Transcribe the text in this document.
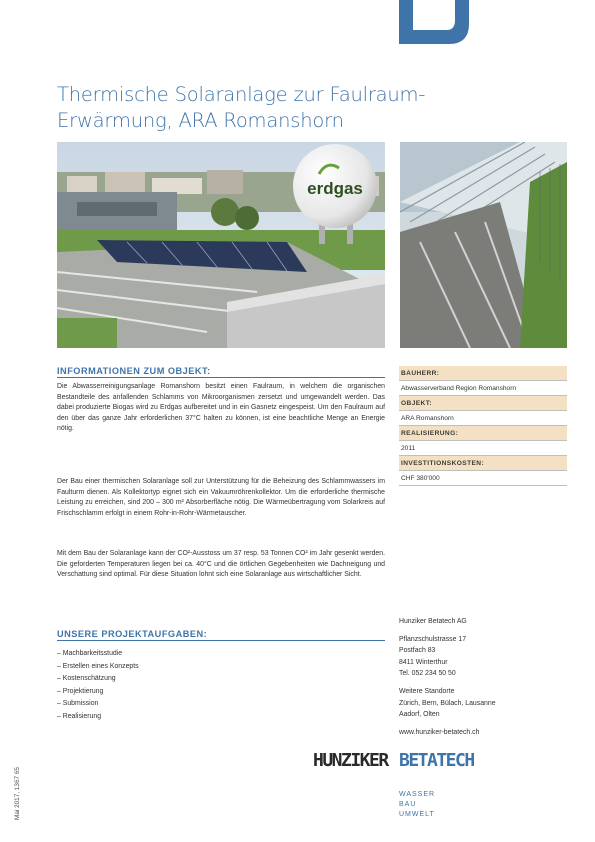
Thermische Solaranlage zur Faulraum-
Erwärmung, ARA Romanshorn
erdgas
INFORMATIONEN ZUM OBJEKT:

Die Abwasserreinigungsanlage Romanshorn besitzt einen Faulraum, in welchem die organischen Bestandteile des anfallenden Schlamms von Mikroorganismen zersetzt und umgewandelt werden. Das dabei produzierte Biogas wird zu Erdgas aufbereitet und in ein Gasnetz eingespeist. Um den Faulraum auf den über das ganze Jahr erforderlichen 37°C halten zu können, ist eine beachtliche Menge an Energie nötig.

Der Bau einer thermischen Solaranlage soll zur Unterstützung für die Beheizung des Schlammwassers im Faulturm dienen. Als Kollektortyp eignet sich ein Vakuumröhrenkollektor. Um die erforderliche thermische Leistung zu erreichen, sind 200 – 300 m² Absorberfläche nötig. Die Wärmeübertragung vom Solarkreis auf Frischschlamm erfolgt in einem Rohr-in-Rohr-Wärmetauscher.

Mit dem Bau der Solaranlage kann der CO²-Ausstoss um 37 resp. 53 Tonnen CO² im Jahr gesenkt werden. Die geforderten Temperaturen liegen bei ca. 40°C und die örtlichen Gegebenheiten wie Dachneigung und Verschattung sind optimal. Für diese Situation lohnt sich eine Solaranlage aus wirtschaftlicher Sicht.

BAUHERR:
Abwasserverband Region Romanshorn
OBJEKT:
ARA Romanshorn
REALISIERUNG:
2011
INVESTITIONSKOSTEN:
CHF 380'000
UNSERE PROJEKTAUFGABEN:
– Machbarkeitsstudie
– Erstellen eines Konzepts
– Kostenschätzung
– Projektierung
– Submission
– Realisierung
Hunziker Betatech AG
Pflanzschulstrasse 17
Postfach 83
8411 Winterthur
Tel. 052 234 50 50
Weitere Standorte
Zürich, Bern, Bülach, Lausanne
Aadorf, Olten
www.hunziker-betatech.ch
HUNZIKER BETATECH
WASSER
BAU
UMWELT
Mai 2017, 1367 65
